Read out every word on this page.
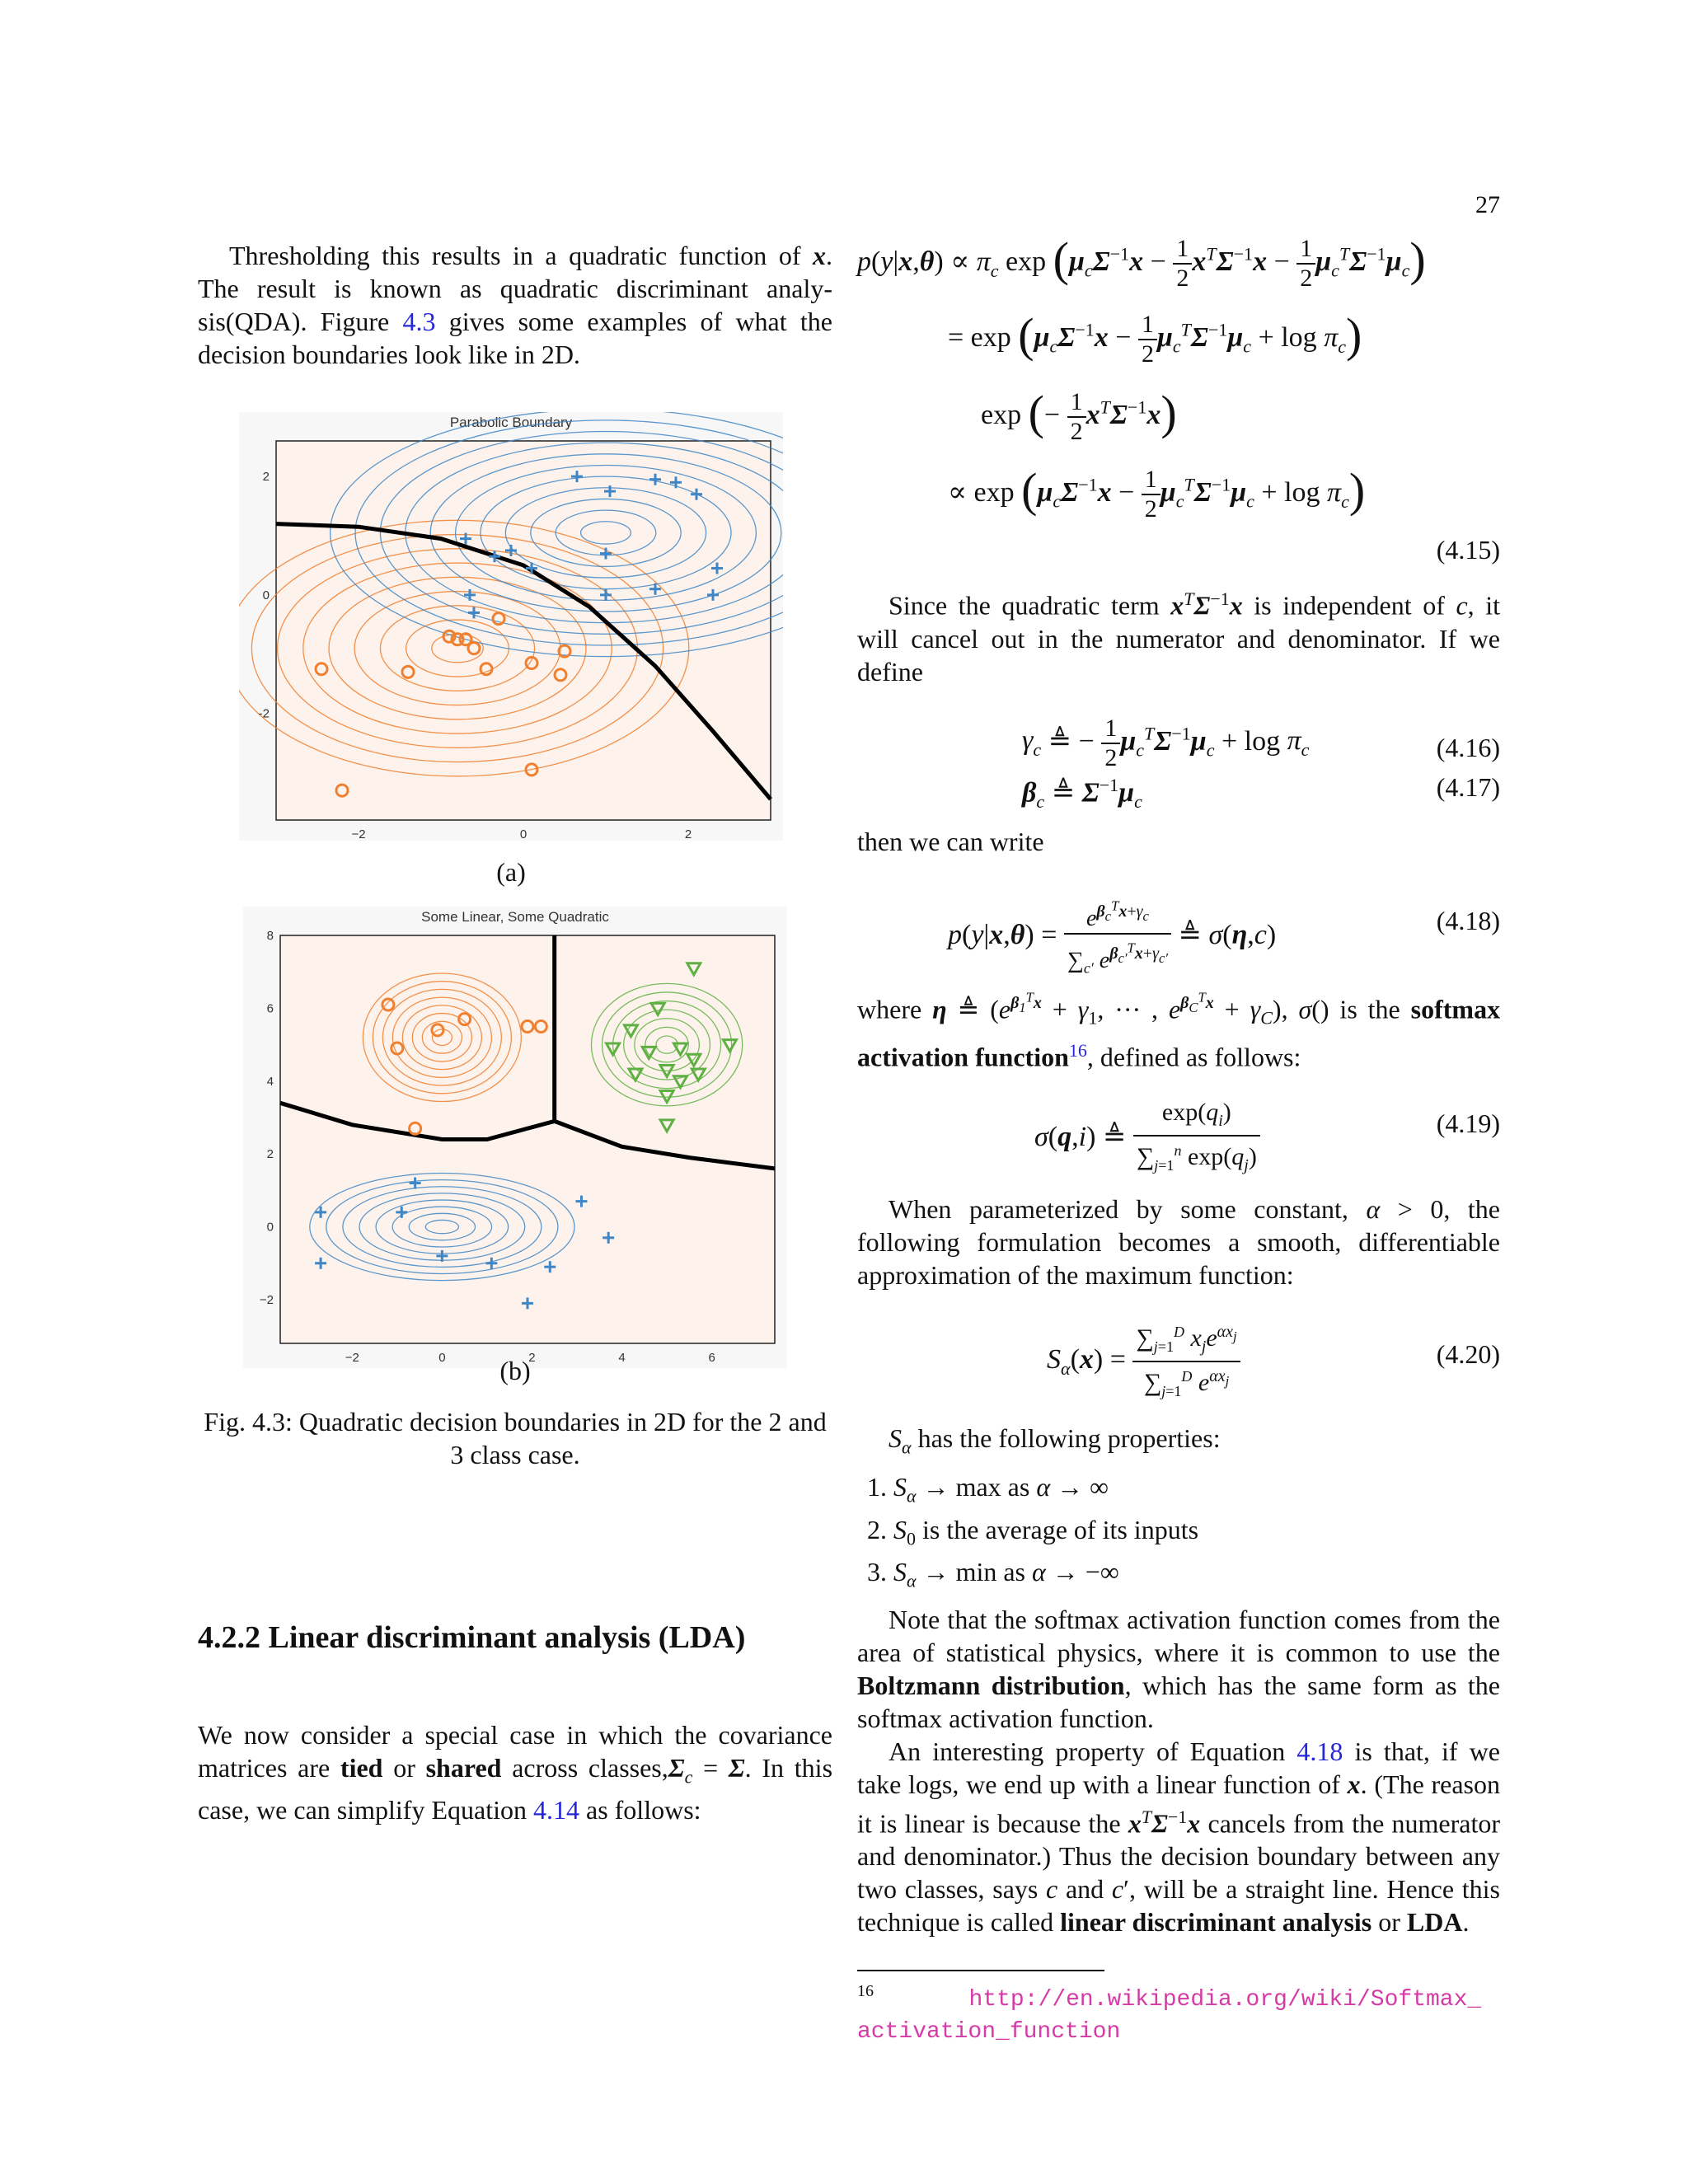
27

Thresholding this results in a quadratic function of x. The result is known as quadratic discriminant analy-sis(QDA). Figure 4.3 gives some examples of what the decision boundaries look like in 2D.

Parabolic Boundary
−2	0	2
2
0
-2
(a)
Some Linear, Some Quadratic
−2	0	2	4	6
8
6
4
2
0
−2
(b)
Fig. 4.3: Quadratic decision boundaries in 2D for the 2 and 3 class case.
4.2.2 Linear discriminant analysis (LDA)

We now consider a special case in which the covariance matrices are tied or shared across $classes,\Sigma_c = \Sigma$. In this case, we can simplify Equation 4.14 as follows:

$p(y|x,\theta) \propto \pi_c$ $\exp (\mu_c\Sigma^{-1}x - \frac{1}{2} x^T\Sigma^{-1}x - \frac{1}{2} \mu_c^T\Sigma^{-1}\mu_c)$
= $\exp (\mu_c\Sigma^{-1}x - \frac{1}{2} \mu_c^T\Sigma^{-1}\mu_c + \log \pi_c)$
exp (− $\frac{1}{2} x^T\Sigma^{-1}x$)
∝ $\exp (\mu_c\Sigma^{-1}x - \frac{1}{2} \mu_c^T\Sigma^{-1}\mu_c + \log \pi_c)$
(4.15)

Since the quadratic term $x^T\Sigma^{-1}x$ is independent of c, it will cancel out in the numerator and denominator. If we define

$\gamma_c$ ≜ − $\frac{1}{2} \mu_c^T\Sigma^{-1}\mu_c + \log \pi_c$	(4.16)
$\beta_c$ ≜ $\Sigma^{-1}\mu_c$	(4.17)

then we can write

$p(y|x,\theta) = \frac{e^{\beta_c^Tx+\gamma_c}}{\sum_{c'} e^{\beta_{c'}^Tx+\gamma_{c'}}}$ ≜ σ(η,c)	(4.18)

where η ≜ ($e^{\beta_1^Tx} + \gamma_1$, ··· , $e^{\beta_C^Tx} + \gamma_C$), σ() is the softmax activation function$^{16}$, defined as follows:

σ(q,i) ≜ $\frac{\exp(q_i)}{\sum_{j=1}^n \exp(q_j)}$	(4.19)

When parameterized by some constant, α > 0, the following formulation becomes a smooth, differentiable approximation of the maximum function:

$S_\alpha(x) = \frac{\sum_{j=1}^D x_je^{\alpha x_j}}{\sum_{j=1}^D e^{\alpha x_j}}$	(4.20)

$S_\alpha$ has the following properties:

1. $S_\alpha \to \max$ as α → ∞
2. $S_0$ is the average of its inputs
3. $S_\alpha \to \min$ as α → −∞

Note that the softmax activation function comes from the area of statistical physics, where it is common to use the Boltzmann distribution, which has the same form as the softmax activation function.

An interesting property of Equation 4.18 is that, if we take logs, we end up with a linear function of x. (The reason it is linear is because the $x^T\Sigma^{-1}x$ cancels from the numerator and denominator.) Thus the decision boundary between any two classes, says c and c′, will be a straight line. Hence this technique is called linear discriminant analysis or LDA.

$^{16}$	http://en.wikipedia.org/wiki/Softmax_
activation_function
